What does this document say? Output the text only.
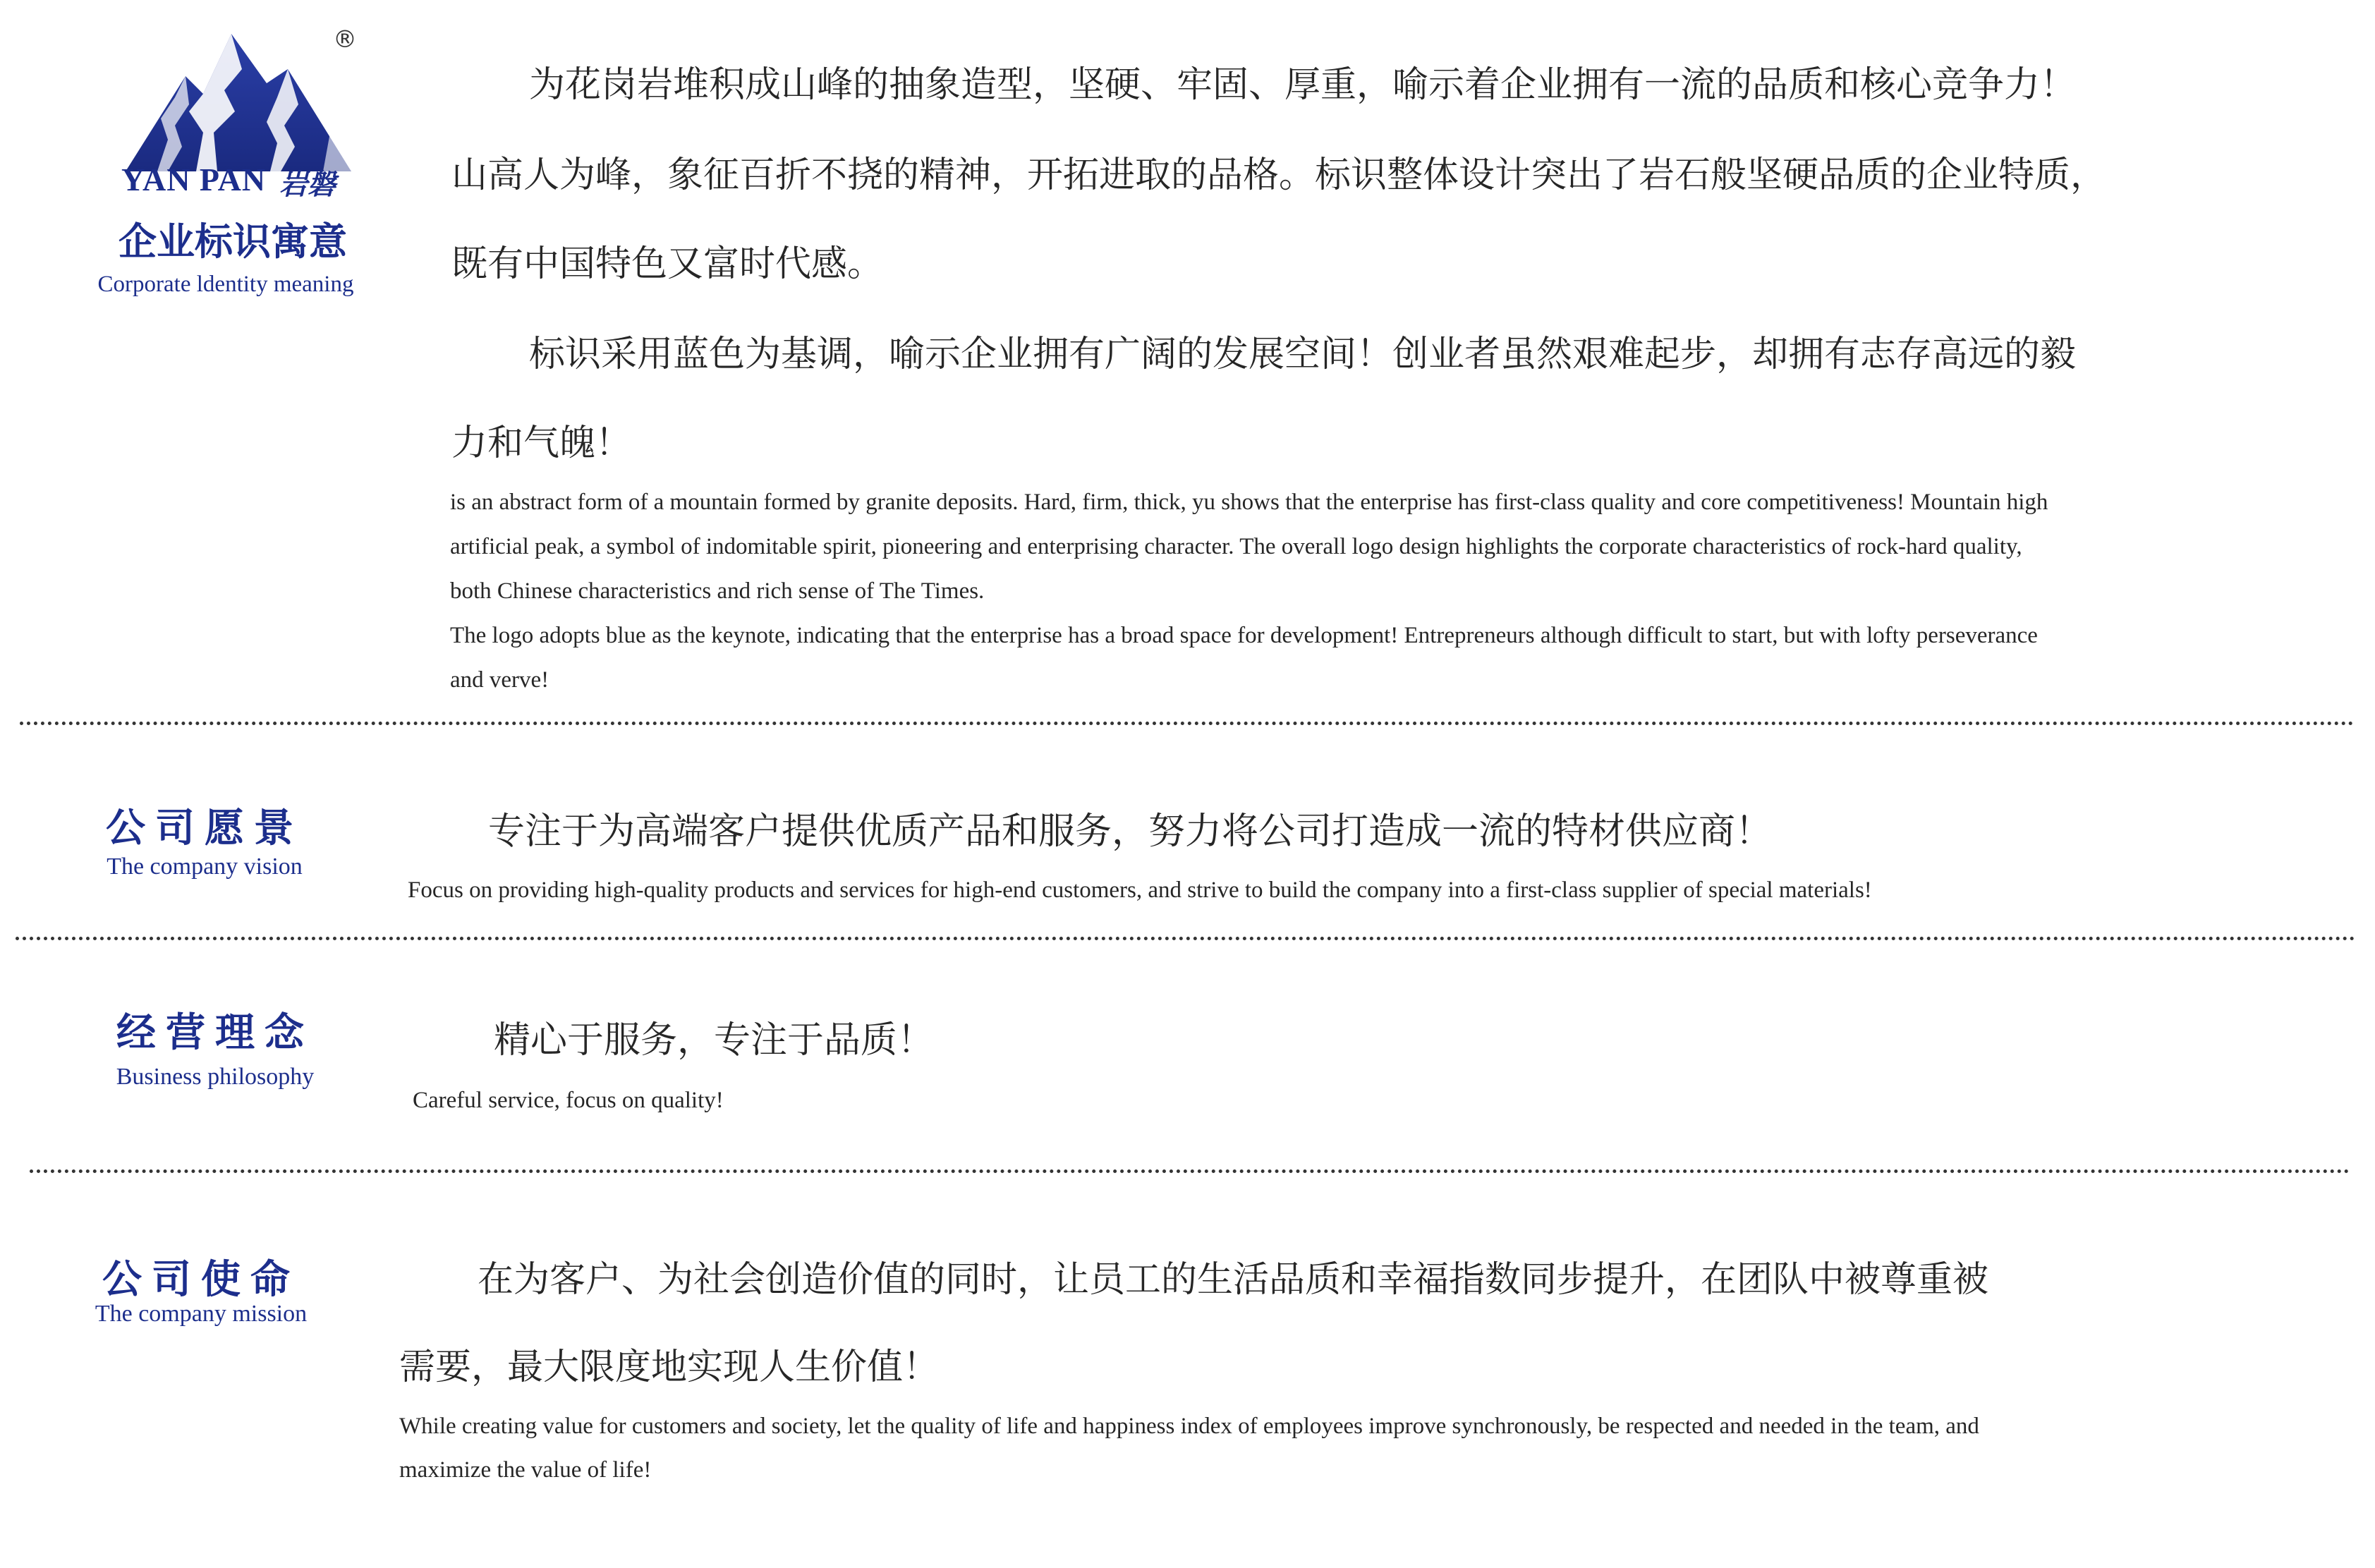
®
YAN PAN 岩磐
企业标识寓意
Corporate ldentity meaning
为花岗岩堆积成山峰的抽象造型，坚硬、牢固、厚重，喻示着企业拥有一流的品质和核心竞争力！
山高人为峰，象征百折不挠的精神，开拓进取的品格。标识整体设计突出了岩石般坚硬品质的企业特质，
既有中国特色又富时代感。
标识采用蓝色为基调，喻示企业拥有广阔的发展空间！创业者虽然艰难起步，却拥有志存高远的毅
力和气魄！
is an abstract form of a mountain formed by granite deposits. Hard, firm, thick, yu shows that the enterprise has first-class quality and core competitiveness! Mountain high
artificial peak, a symbol of indomitable spirit, pioneering and enterprising character. The overall logo design highlights the corporate characteristics of rock-hard quality,
both Chinese characteristics and rich sense of The Times.
The logo adopts blue as the keynote, indicating that the enterprise has a broad space for development! Entrepreneurs although difficult to start, but with lofty perseverance
and verve!
公司愿景
The company vision
专注于为高端客户提供优质产品和服务，努力将公司打造成一流的特材供应商！
Focus on providing high-quality products and services for high-end customers, and strive to build the company into a first-class supplier of special materials!
经营理念
Business philosophy
精心于服务，专注于品质！
Careful service, focus on quality!
公司使命
The company mission
在为客户、为社会创造价值的同时，让员工的生活品质和幸福指数同步提升，在团队中被尊重被
需要，最大限度地实现人生价值！
While creating value for customers and society, let the quality of life and happiness index of employees improve synchronously, be respected and needed in the team, and
maximize the value of life!
